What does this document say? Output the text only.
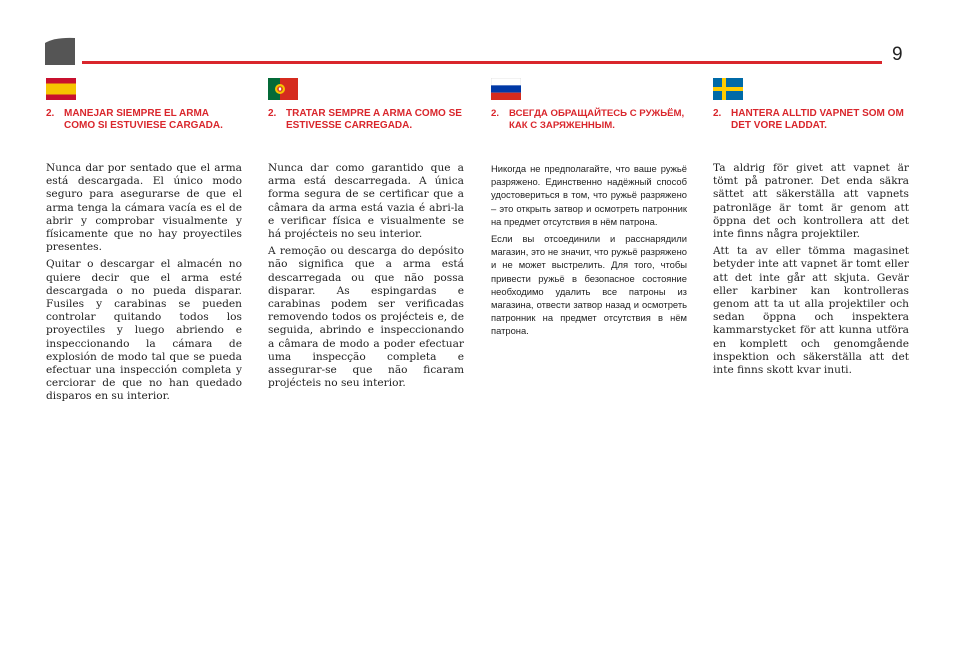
9
2. MANEJAR SIEMPRE EL ARMA COMO SI ESTUVIESE CARGADA.

Nunca dar por sentado que el arma está descargada. El único modo seguro para asegurarse de que el arma tenga la cámara vacía es el de abrir y comprobar visualmente y físicamente que no hay proyectiles presentes.

Quitar o descargar el almacén no quiere decir que el arma esté descargada o no pueda disparar. Fusiles y carabinas se pueden controlar quitando todos los proyectiles y luego abriendo e inspeccionando la cámara de explosión de modo tal que se pueda efectuar una inspección completa y cerciorar de que no han quedado disparos en su interior.

2. TRATAR SEMPRE A ARMA COMO SE ESTIVESSE CARREGADA.

Nunca dar como garantido que a arma está descarregada. A única forma segura de se certificar que a câmara da arma está vazia é abri-la e verificar física e visualmente se há projécteis no seu interior.

A remoção ou descarga do depósito não significa que a arma está descarregada ou que não possa disparar. As espingardas e carabinas podem ser verificadas removendo todos os projécteis e, de seguida, abrindo e inspeccionando a câmara de modo a poder efectuar uma inspecção completa e assegurar-se que não ficaram projécteis no seu interior.

2. ВСЕГДА ОБРАЩАЙТЕСЬ С РУЖЬЁМ, КАК С ЗАРЯЖЕННЫМ.

Никогда не предполагайте, что ваше ружьё разряжено. Единственно надёжный способ удостовериться в том, что ружьё разряжено – это открыть затвор и осмотреть патронник на предмет отсутствия в нём патрона.

Если вы отсоединили и расснарядили магазин, это не значит, что ружьё разряжено и не может выстрелить. Для того, чтобы привести ружьё в безопасное состояние необходимо удалить все патроны из магазина, отвести затвор назад и осмотреть патронник на предмет отсутствия в нём патрона.

2. HANTERA ALLTID VAPNET SOM OM DET VORE LADDAT.

Ta aldrig för givet att vapnet är tömt på patroner. Det enda säkra sättet att säkerställa att vapnets patronläge är tomt är genom att öppna det och kontrollera att det inte finns några projektiler.

Att ta av eller tömma magasinet betyder inte att vapnet är tomt eller att det inte går att skjuta. Gevär eller karbiner kan kontrolleras genom att ta ut alla projektiler och sedan öppna och inspektera kammarstycket för att kunna utföra en komplett och genomgående inspektion och säkerställa att det inte finns skott kvar inuti.
